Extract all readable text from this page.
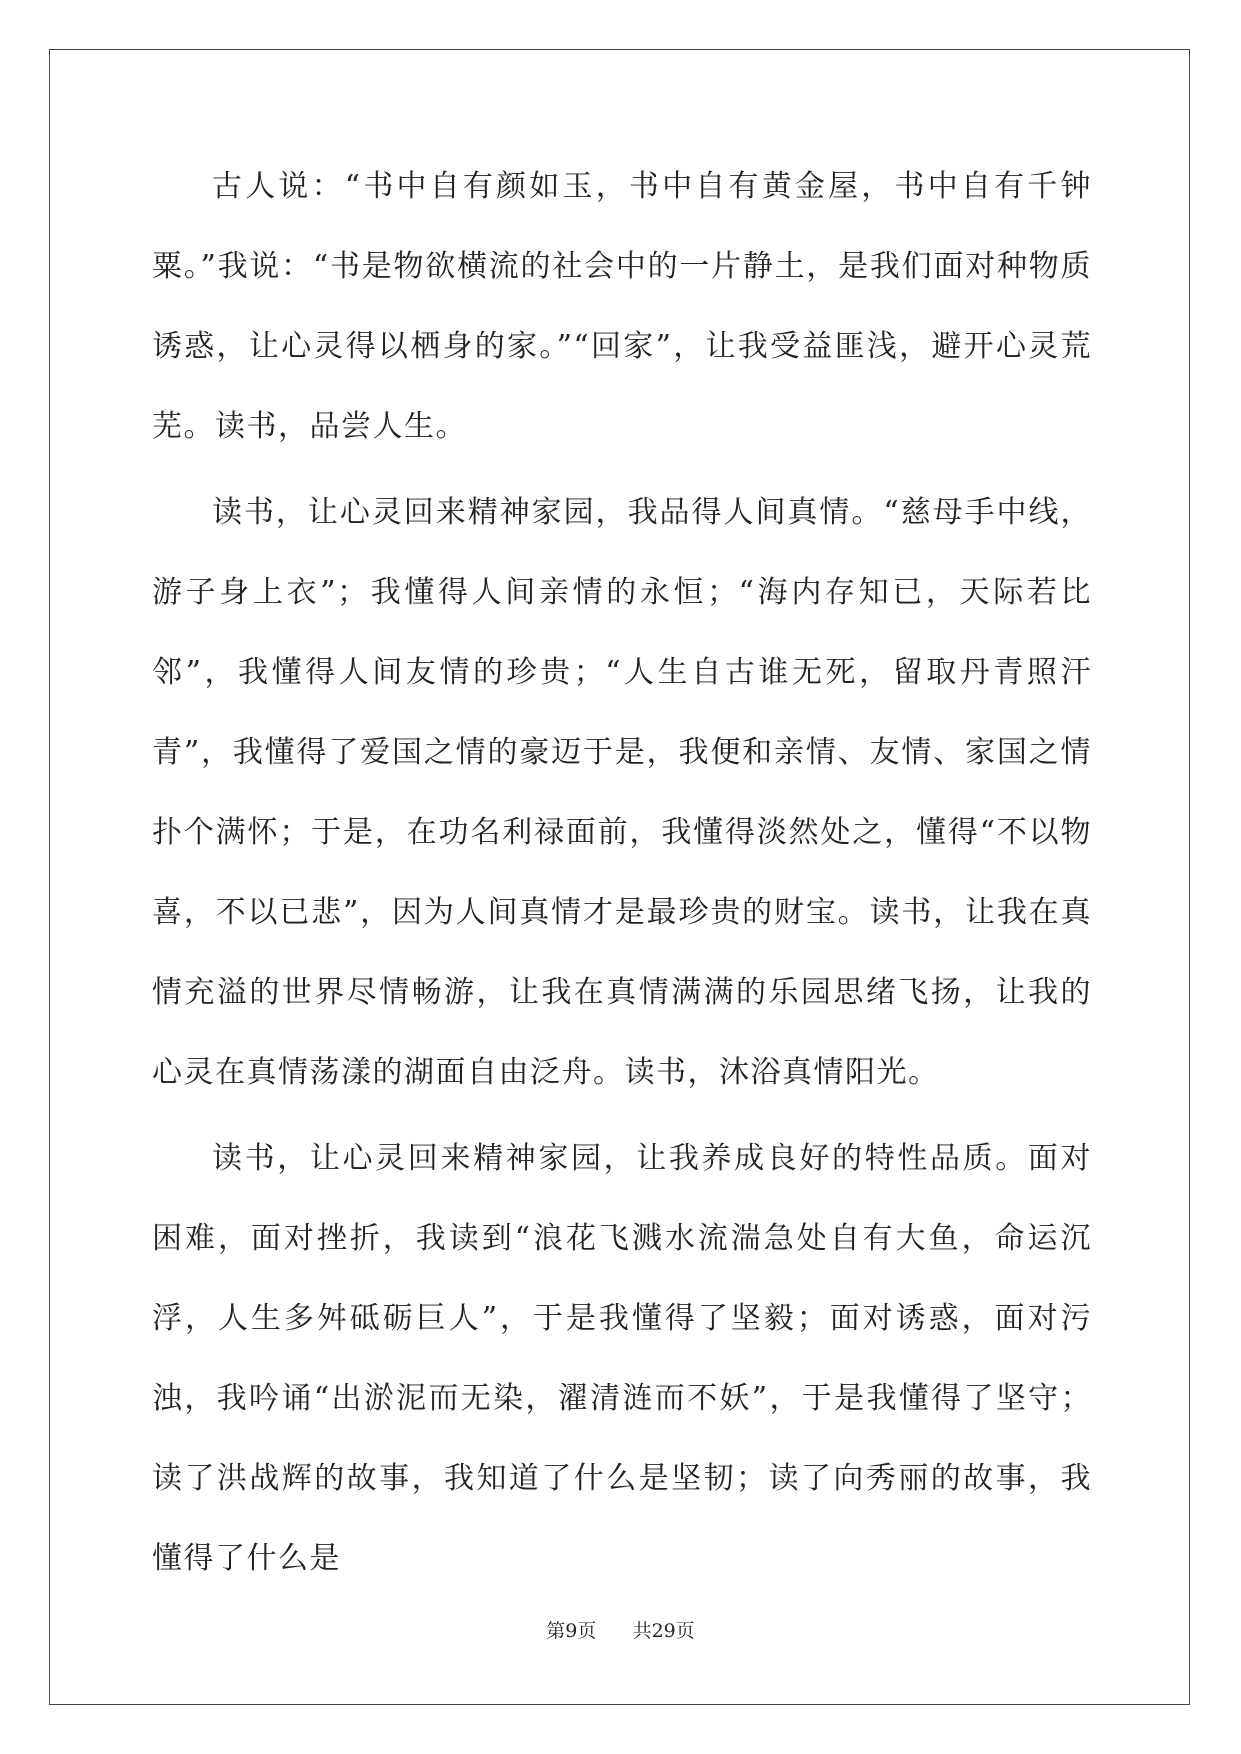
古人说：“书中自有颜如玉，书中自有黄金屋，书中自有千钟粟。”我说：“书是物欲横流的社会中的一片静土，是我们面对种物质诱惑，让心灵得以栖身的家。”“回家”，让我受益匪浅，避开心灵荒芜。读书，品尝人生。

读书，让心灵回来精神家园，我品得人间真情。“慈母手中线，游子身上衣”；我懂得人间亲情的永恒；“海内存知已，天际若比邻”，我懂得人间友情的珍贵；“人生自古谁无死，留取丹青照汗青”，我懂得了爱国之情的豪迈于是，我便和亲情、友情、家国之情扑个满怀；于是，在功名利禄面前，我懂得淡然处之，懂得“不以物喜，不以已悲”，因为人间真情才是最珍贵的财宝。读书，让我在真情充溢的世界尽情畅游，让我在真情满满的乐园思绪飞扬，让我的心灵在真情荡漾的湖面自由泛舟。读书，沐浴真情阳光。

读书，让心灵回来精神家园，让我养成良好的特性品质。面对困难，面对挫折，我读到“浪花飞溅水流湍急处自有大鱼，命运沉浮，人生多舛砥砺巨人”，于是我懂得了坚毅；面对诱惑，面对污浊，我吟诵“出淤泥而无染，濯清涟而不妖”，于是我懂得了坚守；读了洪战辉的故事，我知道了什么是坚韧；读了向秀丽的故事，我懂得了什么是

第9页 共29页
